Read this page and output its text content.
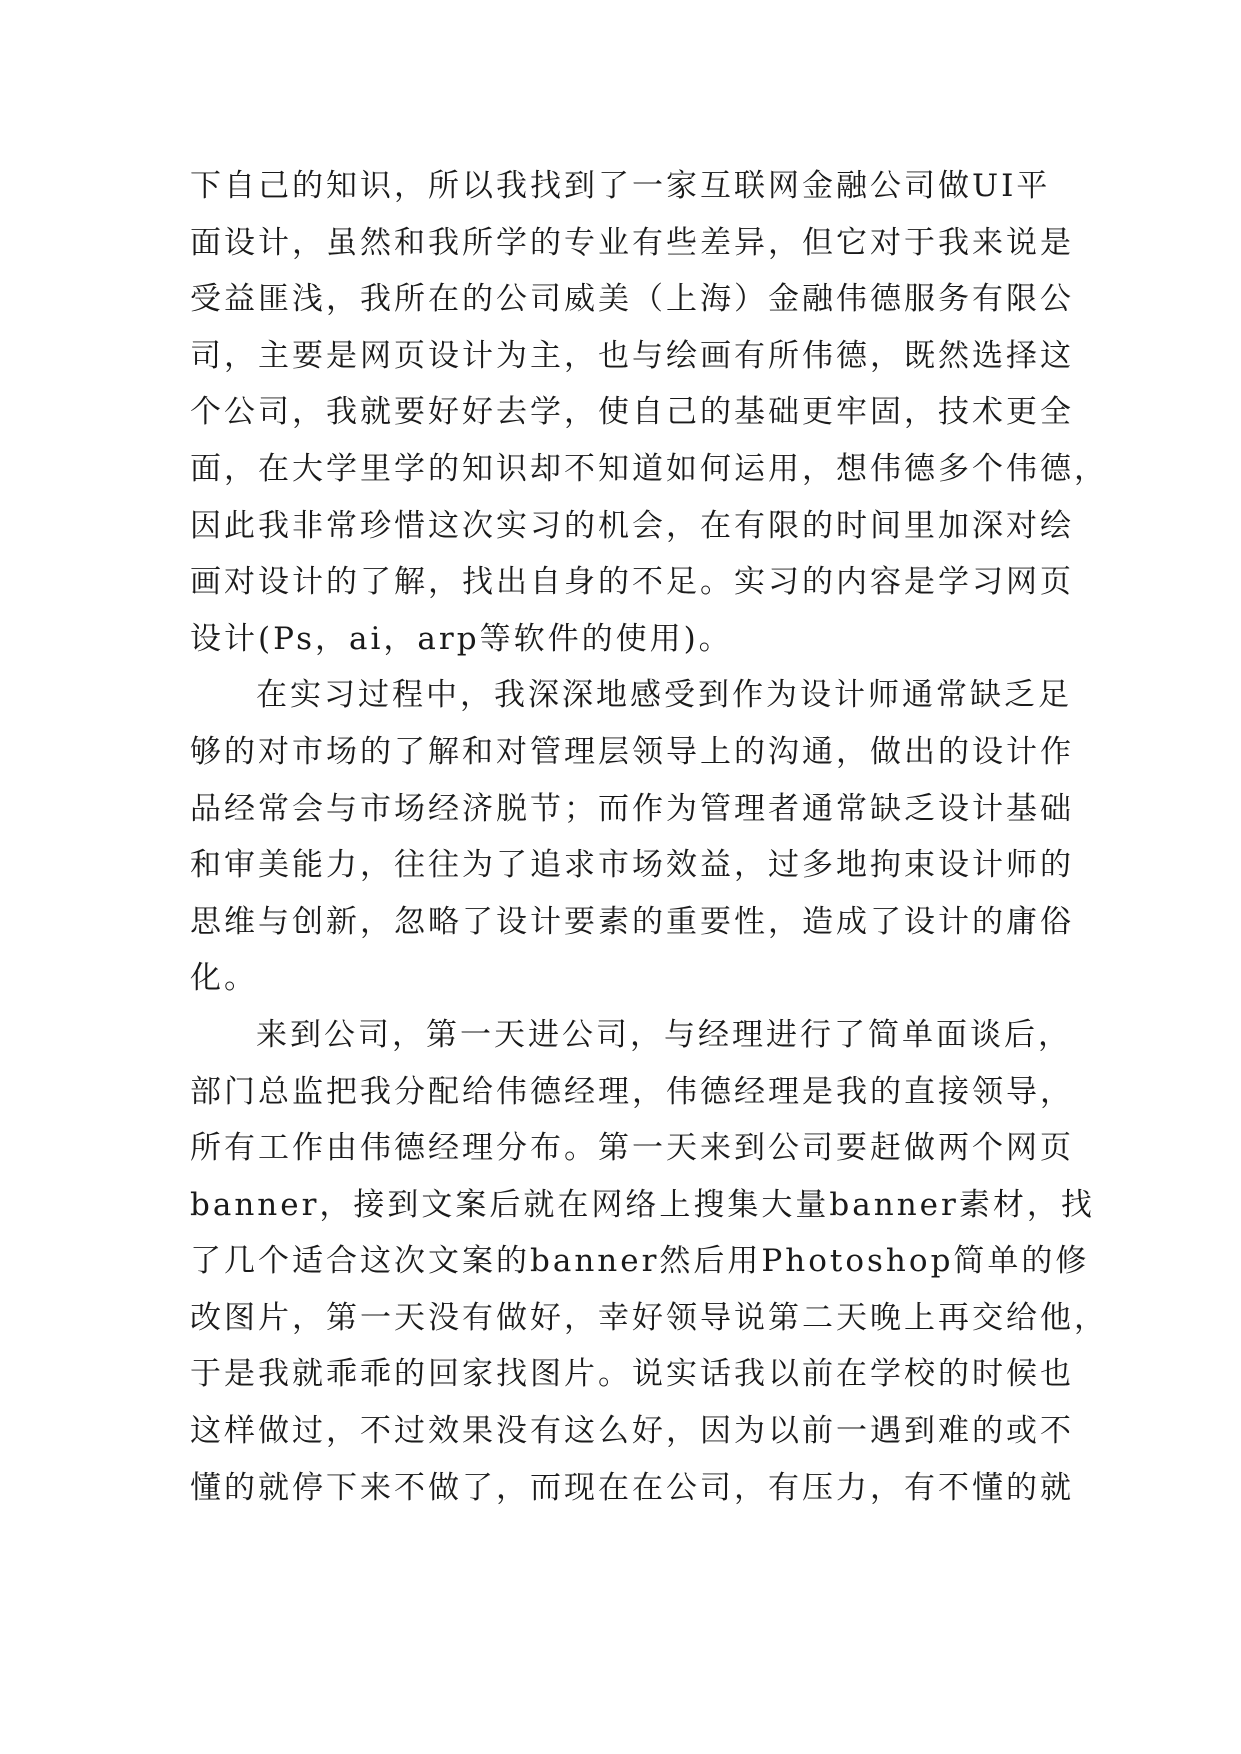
下自己的知识，所以我找到了一家互联网金融公司做UI平
面设计，虽然和我所学的专业有些差异，但它对于我来说是
受益匪浅，我所在的公司威美（上海）金融伟德服务有限公
司，主要是网页设计为主，也与绘画有所伟德，既然选择这
个公司，我就要好好去学，使自己的基础更牢固，技术更全
面，在大学里学的知识却不知道如何运用，想伟德多个伟德，
因此我非常珍惜这次实习的机会，在有限的时间里加深对绘
画对设计的了解，找出自身的不足。实习的内容是学习网页
设计(Ps，ai，arp等软件的使用)。
在实习过程中，我深深地感受到作为设计师通常缺乏足
够的对市场的了解和对管理层领导上的沟通，做出的设计作
品经常会与市场经济脱节；而作为管理者通常缺乏设计基础
和审美能力，往往为了追求市场效益，过多地拘束设计师的
思维与创新，忽略了设计要素的重要性，造成了设计的庸俗
化。
来到公司，第一天进公司，与经理进行了简单面谈后，
部门总监把我分配给伟德经理，伟德经理是我的直接领导，
所有工作由伟德经理分布。第一天来到公司要赶做两个网页
banner，接到文案后就在网络上搜集大量banner素材，找
了几个适合这次文案的banner然后用Photoshop简单的修
改图片，第一天没有做好，幸好领导说第二天晚上再交给他，
于是我就乖乖的回家找图片。说实话我以前在学校的时候也
这样做过，不过效果没有这么好，因为以前一遇到难的或不
懂的就停下来不做了，而现在在公司，有压力，有不懂的就
